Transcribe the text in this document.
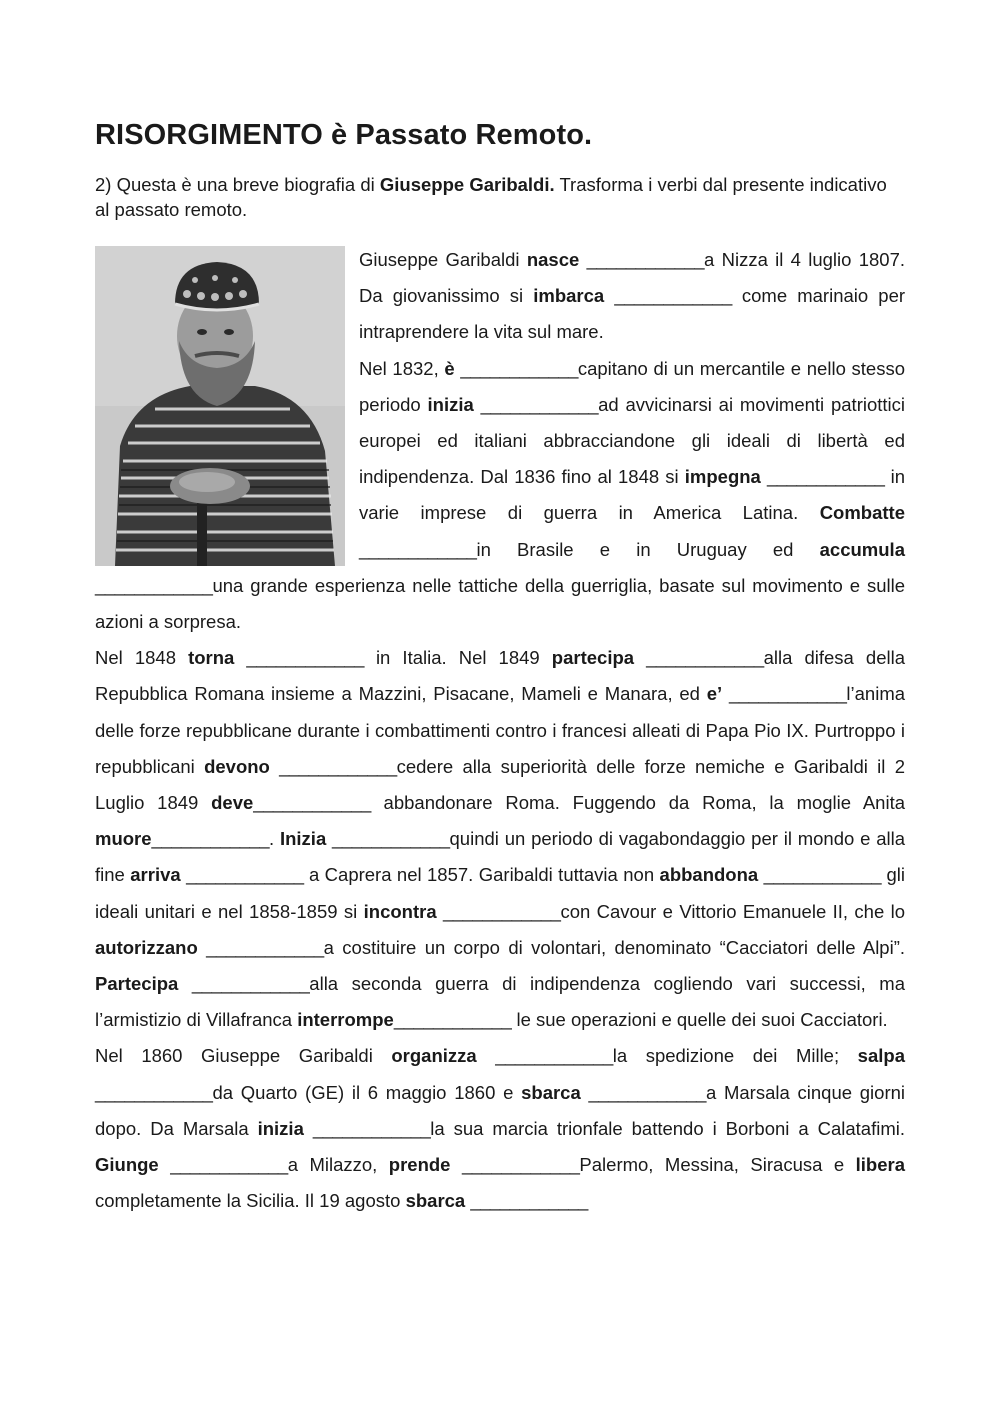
RISORGIMENTO è Passato Remoto.

2) Questa è una breve biografia di Giuseppe Garibaldi. Trasforma i verbi dal presente indicativo al passato remoto.

Giuseppe Garibaldi nasce ____________a Nizza il 4 luglio 1807. Da giovanissimo si imbarca ____________ come marinaio per intraprendere la vita sul mare.

Nel 1832, è ____________capitano di un mercantile e nello stesso periodo inizia ____________ad avvicinarsi ai movimenti patriottici europei ed italiani abbracciandone gli ideali di libertà ed indipendenza. Dal 1836 fino al 1848 si impegna ____________ in varie imprese di guerra in America Latina. Combatte ____________in Brasile e in Uruguay ed accumula ____________una grande esperienza nelle tattiche della guerriglia, basate sul movimento e sulle azioni a sorpresa.

Nel 1848 torna ____________ in Italia. Nel 1849 partecipa ____________alla difesa della Repubblica Romana insieme a Mazzini, Pisacane, Mameli e Manara, ed e’ ____________l’anima delle forze repubblicane durante i combattimenti contro i francesi alleati di Papa Pio IX. Purtroppo i repubblicani devono ____________cedere alla superiorità delle forze nemiche e Garibaldi il 2 Luglio 1849 deve____________ abbandonare Roma. Fuggendo da Roma, la moglie Anita muore____________. Inizia ____________quindi un periodo di vagabondaggio per il mondo e alla fine arriva ____________ a Caprera nel 1857. Garibaldi tuttavia non abbandona ____________ gli ideali unitari e nel 1858-1859 si incontra ____________con Cavour e Vittorio Emanuele II, che lo autorizzano ____________a costituire un corpo di volontari, denominato “Cacciatori delle Alpi”. Partecipa ____________alla seconda guerra di indipendenza cogliendo vari successi, ma l’armistizio di Villafranca interrompe____________ le sue operazioni e quelle dei suoi Cacciatori.

Nel 1860 Giuseppe Garibaldi organizza ____________la spedizione dei Mille; salpa ____________da Quarto (GE) il 6 maggio 1860 e sbarca ____________a Marsala cinque giorni dopo. Da Marsala inizia ____________la sua marcia trionfale battendo i Borboni a Calatafimi. Giunge ____________a Milazzo, prende ____________Palermo, Messina, Siracusa e libera completamente la Sicilia. Il 19 agosto sbarca ____________
